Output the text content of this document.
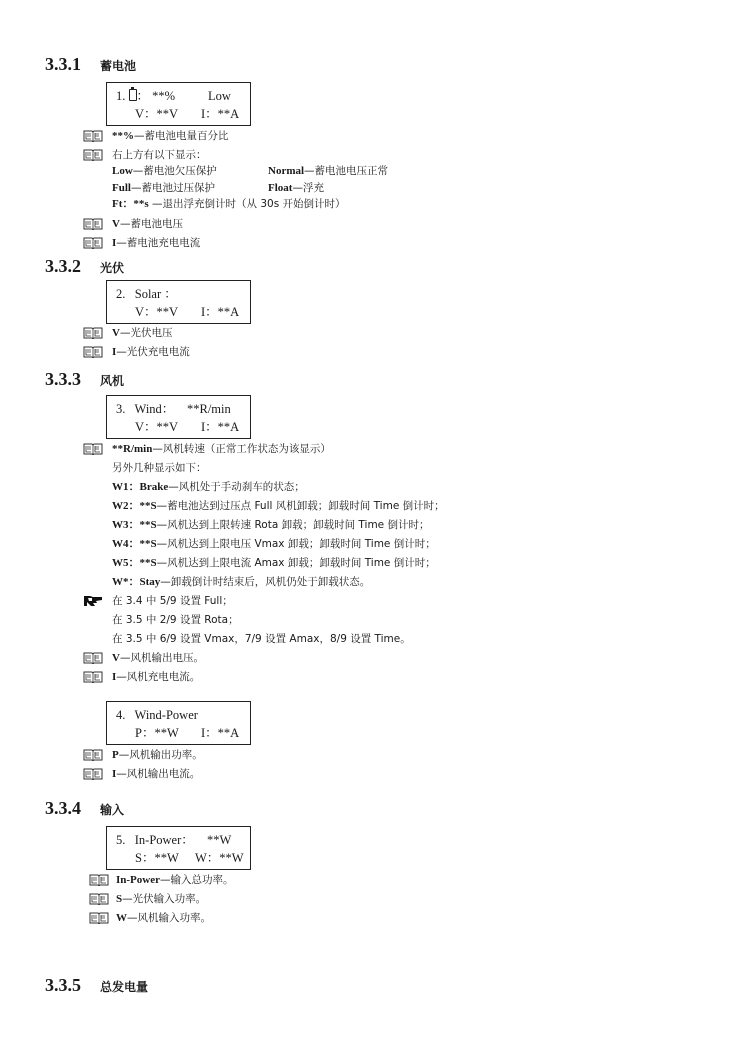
3.3.1 蓄电池
1. ： **%	Low
V：**V I：**A
**%—蓄电池电量百分比
右上方有以下显示：
Low—蓄电池欠压保护	Normal—蓄电池电压正常
Full—蓄电池过压保护	Float—浮充
Ft：**s —退出浮充倒计时（从 30s 开始倒计时）
V—蓄电池电压
I—蓄电池充电电流
3.3.2 光伏
2. Solar ：
V：**V I：**A
V—光伏电压
I—光伏充电电流
3.3.3 风机
3. Wind： **R/min
V：**V I：**A
**R/min—风机转速（正常工作状态为该显示）
另外几种显示如下：
W1：Brake—风机处于手动刹车的状态；
W2：**S—蓄电池达到过压点 Full 风机卸载；卸载时间 Time 倒计时；
W3：**S—风机达到上限转速 Rota 卸载；卸载时间 Time 倒计时；
W4：**S—风机达到上限电压 Vmax 卸载；卸载时间 Time 倒计时；
W5：**S—风机达到上限电流 Amax 卸载；卸载时间 Time 倒计时；
W*：Stay—卸载倒计时结束后，风机仍处于卸载状态。
在 3.4 中 5/9 设置 Full；
在 3.5 中 2/9 设置 Rota；
在 3.5 中 6/9 设置 Vmax，7/9 设置 Amax，8/9 设置 Time。
V—风机输出电压。
I—风机充电电流。
4. Wind-Power
P：**W I：**A
P—风机输出功率。
I—风机输出电流。
3.3.4 输入
5. In-Power： **W
S：**W W：**W
In-Power—输入总功率。
S—光伏输入功率。
W—风机输入功率。
3.3.5 总发电量
